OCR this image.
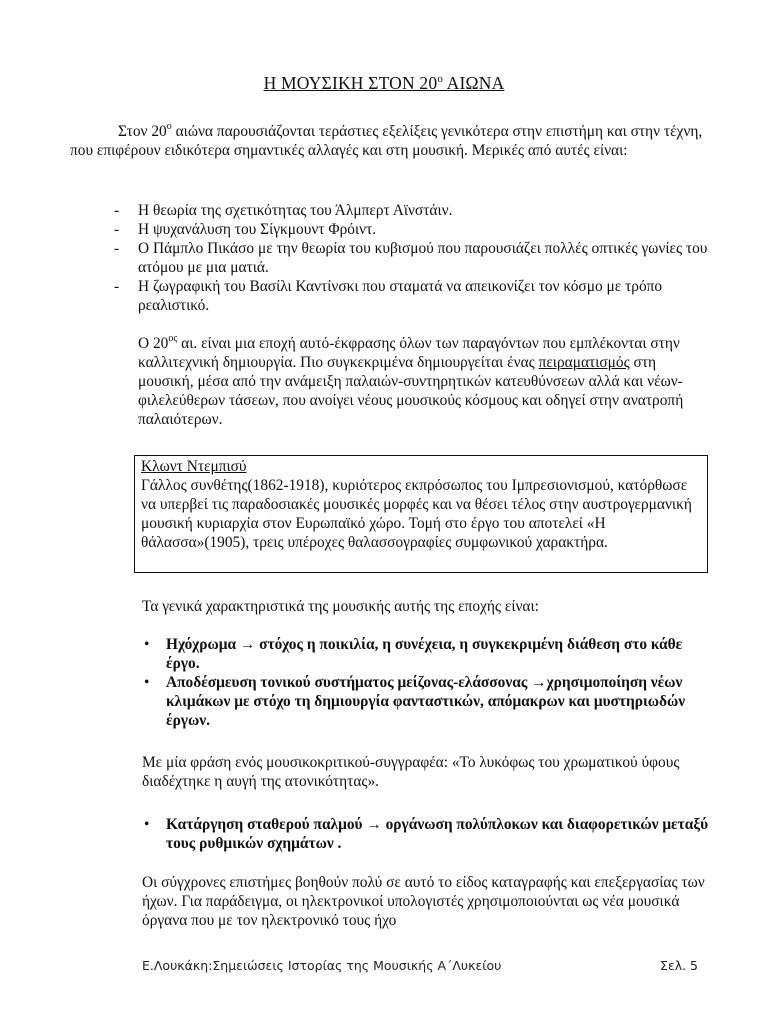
Η ΜΟΥΣΙΚΗ ΣΤΟΝ $20^o$ ΑΙΩΝΑ
Στον $20^o$ αιώνα παρουσιάζονται τεράστιες εξελίξεις γενικότερα στην επιστήμη και στην τέχνη, που επιφέρουν ειδικότερα σημαντικές αλλαγές και στη μουσική. Μερικές από αυτές είναι:
- Η θεωρία της σχετικότητας του Άλμπερτ Αϊνστάιν.
- Η ψυχανάλυση του Σίγκμουντ Φρόιντ.
- Ο Πάμπλο Πικάσο με την θεωρία του κυβισμού που παρουσιάζει πολλές οπτικές γωνίες του ατόμου με μια ματιά.
- Η ζωγραφική του Βασίλι Καντίνσκι που σταματά να απεικονίζει τον κόσμο με τρόπο ρεαλιστικό.
Ο $20^{o\varsigma}$ αι. είναι μια εποχή αυτό-έκφρασης όλων των παραγόντων που εμπλέκονται στην καλλιτεχνική δημιουργία. Πιο συγκεκριμένα δημιουργείται ένας πειραματισμός στη μουσική, μέσα από την ανάμειξη παλαιών-συντηρητικών κατευθύνσεων αλλά και νέων-φιλελεύθερων τάσεων, που ανοίγει νέους μουσικούς κόσμους και οδηγεί στην ανατροπή παλαιότερων.
Κλωντ Ντεμπισύ
Γάλλος συνθέτης(1862-1918), κυριότερος εκπρόσωπος του Ιμπρεσιονισμού, κατόρθωσε να υπερβεί τις παραδοσιακές μουσικές μορφές και να θέσει τέλος στην αυστρογερμανική μουσική κυριαρχία στον Ευρωπαϊκό χώρο. Τομή στο έργο του αποτελεί «Η θάλασσα»(1905), τρεις υπέροχες θαλασσογραφίες συμφωνικού χαρακτήρα.
Τα γενικά χαρακτηριστικά της μουσικής αυτής της εποχής είναι:
• Ηχόχρωμα → στόχος η ποικιλία, η συνέχεια, η συγκεκριμένη διάθεση στο κάθε έργο.
• Αποδέσμευση τονικού συστήματος μείζονας-ελάσσονας →χρησιμοποίηση νέων κλιμάκων με στόχο τη δημιουργία φανταστικών, απόμακρων και μυστηριωδών έργων.
Με μία φράση ενός μουσικοκριτικού-συγγραφέα: «Το λυκόφως του χρωματικού ύφους διαδέχτηκε η αυγή της ατονικότητας».
• Κατάργηση σταθερού παλμού → οργάνωση πολύπλοκων και διαφορετικών μεταξύ τους ρυθμικών σχημάτων .
Οι σύγχρονες επιστήμες βοηθούν πολύ σε αυτό το είδος καταγραφής και επεξεργασίας των ήχων. Για παράδειγμα, οι ηλεκτρονικοί υπολογιστές χρησιμοποιούνται ως νέα μουσικά όργανα που με τον ηλεκτρονικό τους ήχο
Ε.Λουκάκη:Σημειώσεις Ιστορίας της Μουσικής Α΄Λυκείου	Σελ. 5
